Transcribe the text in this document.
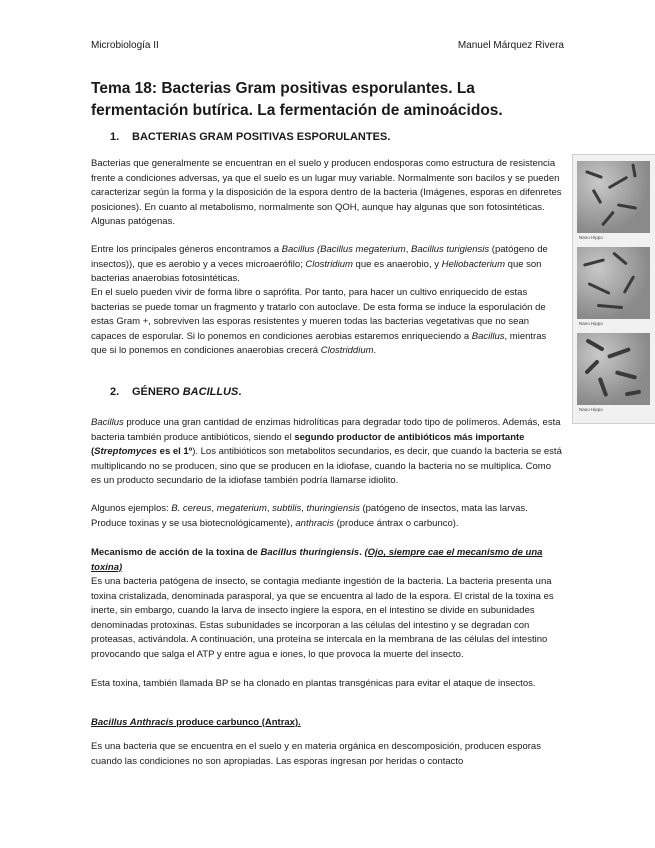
Microbiología II	Manuel Márquez Rivera
Tema 18: Bacterias Gram positivas esporulantes. La fermentación butírica. La fermentación de aminoácidos.
1. BACTERIAS GRAM POSITIVAS ESPORULANTES.

Bacterias que generalmente se encuentran en el suelo y producen endosporas como estructura de resistencia frente a condiciones adversas, ya que el suelo es un lugar muy variable. Normalmente son bacilos y se pueden caracterizar según la forma y la disposición de la espora dentro de la bacteria (Imágenes, esporas en difenretes posiciones). En cuanto al metabolismo, normalmente son QOH, aunque hay algunas que son fotosintéticas. Algunas patógenas.

Entre los principales géneros encontramos a Bacillus (Bacillus megaterium, Bacillus turigiensis (patógeno de insectos)), que es aerobio y a veces microaerófilo; Clostridium que es anaerobio, y Heliobacterium que son bacterias anaerobias fotosintéticas.

En el suelo pueden vivir de forma libre o saprófita. Por tanto, para hacer un cultivo enriquecido de estas bacterias se puede tomar un fragmento y tratarlo con autoclave. De esta forma se induce la esporulación de estas Gram +, sobreviven las esporas resistentes y mueren todas las bacterias vegetativas que no sean capaces de esporular. Si lo ponemos en condiciones aerobias estaremos enriqueciendo a Bacillus, mientras que si lo ponemos en condiciones anaerobias crecerá Clostriddium.

2. GÉNERO BACILLUS.

Bacillus produce una gran cantidad de enzimas hidrolíticas para degradar todo tipo de polímeros. Además, esta bacteria también produce antibióticos, siendo el segundo productor de antibióticos más importante (Streptomyces es el 1º). Los antibióticos son metabolitos secundarios, es decir, que cuando la bacteria se está multiplicando no se producen, sino que se producen en la idiofase, cuando la bacteria no se multiplica. Como es un producto secundario de la idiofase también podría llamarse idiolito.

Algunos ejemplos: B. cereus, megaterium, subtilis, thuringiensis (patógeno de insectos, mata las larvas. Produce toxinas y se usa biotecnológicamente), anthracis (produce ántrax o carbunco).

Mecanismo de acción de la toxina de Bacillus thuringiensis. (Ojo, siempre cae el mecanismo de una toxina)

Es una bacteria patógena de insecto, se contagia mediante ingestión de la bacteria. La bacteria presenta una toxina cristalizada, denominada parasporal, ya que se encuentra al lado de la espora. El cristal de la toxina es inerte, sin embargo, cuando la larva de insecto ingiere la espora, en el intestino se divide en subunidades denominadas protoxinas. Estas subunidades se incorporan a las células del intestino y se degradan con proteasas, activándola. A continuación, una proteína se intercala en la membrana de las células del intestino provocando que salga el ATP y entre agua e iones, lo que provoca la muerte del insecto.

Esta toxina, también llamada BP se ha clonado en plantas transgénicas para evitar el ataque de insectos.

Bacillus Anthracis produce carbunco (Antrax).

Es una bacteria que se encuentra en el suelo y en materia orgánica en descomposición, producen esporas cuando las condiciones no son apropiadas. Las esporas ingresan por heridas o contacto

Nano Hippo
Nano Hippo
Nano Hippo
